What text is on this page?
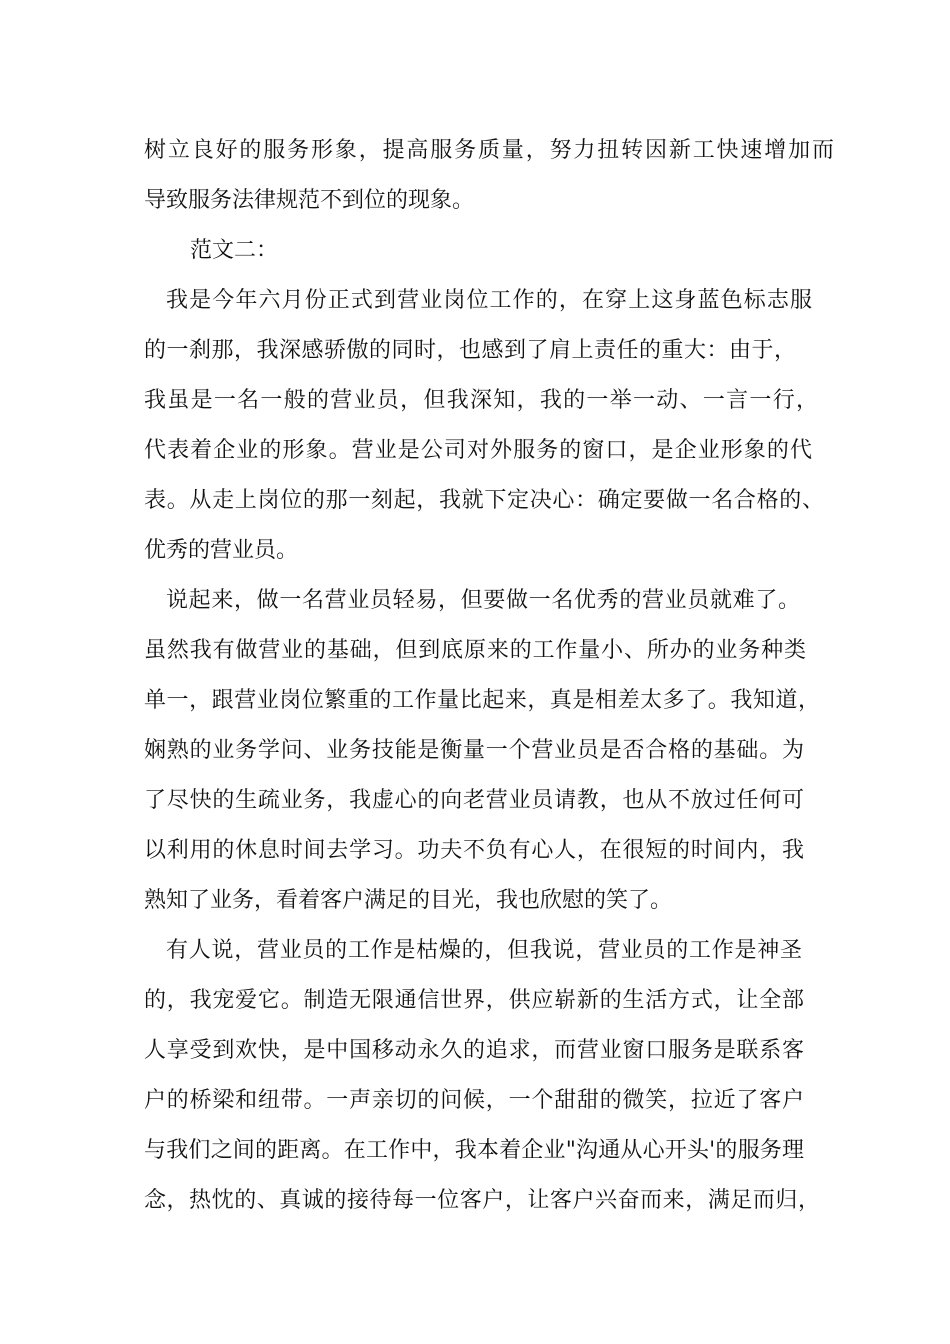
树立良好的服务形象，提高服务质量，努力扭转因新工快速增加而
导致服务法律规范不到位的现象。
范文二：
我是今年六月份正式到营业岗位工作的，在穿上这身蓝色标志服
的一刹那，我深感骄傲的同时，也感到了肩上责任的重大：由于，
我虽是一名一般的营业员，但我深知，我的一举一动、一言一行，
代表着企业的形象。营业是公司对外服务的窗口，是企业形象的代
表。从走上岗位的那一刻起，我就下定决心：确定要做一名合格的、
优秀的营业员。
说起来，做一名营业员轻易，但要做一名优秀的营业员就难了。
虽然我有做营业的基础，但到底原来的工作量小、所办的业务种类
单一，跟营业岗位繁重的工作量比起来，真是相差太多了。我知道，
娴熟的业务学问、业务技能是衡量一个营业员是否合格的基础。为
了尽快的生疏业务，我虚心的向老营业员请教，也从不放过任何可
以利用的休息时间去学习。功夫不负有心人，在很短的时间内，我
熟知了业务，看着客户满足的目光，我也欣慰的笑了。
有人说，营业员的工作是枯燥的，但我说，营业员的工作是神圣
的，我宠爱它。制造无限通信世界，供应崭新的生活方式，让全部
人享受到欢快，是中国移动永久的追求，而营业窗口服务是联系客
户的桥梁和纽带。一声亲切的问候，一个甜甜的微笑，拉近了客户
与我们之间的距离。在工作中，我本着企业"沟通从心开头'的服务理
念，热忱的、真诚的接待每一位客户，让客户兴奋而来，满足而归，
